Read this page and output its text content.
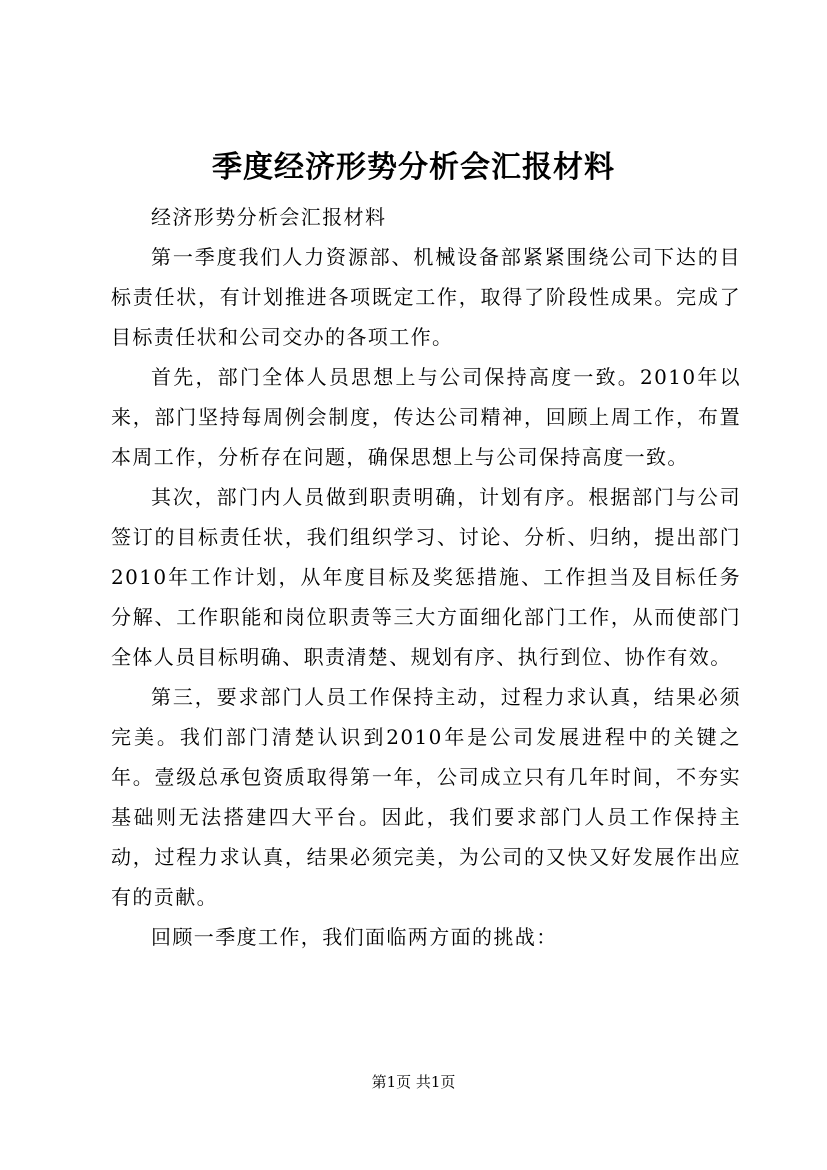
季度经济形势分析会汇报材料

经济形势分析会汇报材料

第一季度我们人力资源部、机械设备部紧紧围绕公司下达的目标责任状，有计划推进各项既定工作，取得了阶段性成果。完成了目标责任状和公司交办的各项工作。

首先，部门全体人员思想上与公司保持高度一致。2010年以来，部门坚持每周例会制度，传达公司精神，回顾上周工作，布置本周工作，分析存在问题，确保思想上与公司保持高度一致。

其次，部门内人员做到职责明确，计划有序。根据部门与公司签订的目标责任状，我们组织学习、讨论、分析、归纳，提出部门2010年工作计划，从年度目标及奖惩措施、工作担当及目标任务分解、工作职能和岗位职责等三大方面细化部门工作，从而使部门全体人员目标明确、职责清楚、规划有序、执行到位、协作有效。

第三，要求部门人员工作保持主动，过程力求认真，结果必须完美。我们部门清楚认识到2010年是公司发展进程中的关键之年。壹级总承包资质取得第一年，公司成立只有几年时间，不夯实基础则无法搭建四大平台。因此，我们要求部门人员工作保持主动，过程力求认真，结果必须完美，为公司的又快又好发展作出应有的贡献。

回顾一季度工作，我们面临两方面的挑战：

第1页 共1页
